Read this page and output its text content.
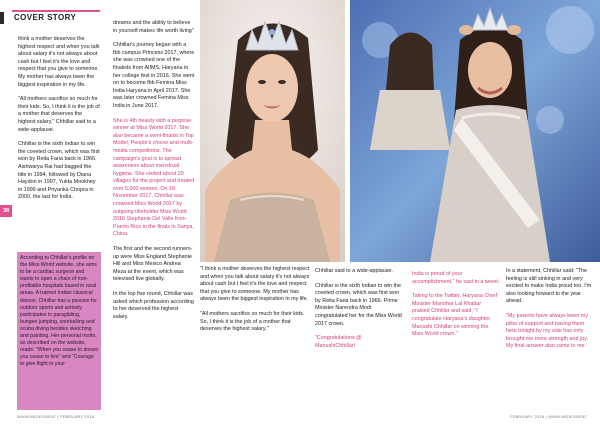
COVER STORY
38

think a mother deserves the highest respect and when you talk about salary it's not always about cash but I feel it's the love and respect that you give to someone. My mother has always been the biggest inspiration in my life.

"All mothers sacrifice so much for their kids. So, I think it is the job of a mother that deserves the highest salary," Chhillar said to a wide-applause.

Chhillar is the sixth Indian to win the coveted crown, which was first won by Reita Faria back in 1966. Aishwarya Rai had bagged the title in 1994, followed by Diana Haydon in 1997, Yukta Mookhey in 1999 and Priyanka Chopra in 2000, the last for India.

According to Chhillar's profile on the Miss World website, she aims to be a cardiac surgeon and wants to open a chain of non-profitable hospitals based in rural areas. A trained Indian classical dancer, Chhillar has a passion for outdoor sports and actively participates in paragliding, bungee jumping, snorkelling and scuba diving besides sketching and painting. Her personal motto, as described on the website, reads: "When you cease to dream you cease to live" and "Courage to give flight to your

dreams and the ability to believe in yourself makes life worth living"

Chhillar's journey began with a fbb campus Princess 2017, where she was crowned one of the finalists from AIIMS, Haryana in her college fest in 2016. She went on to become fbb Femina Miss India Haryana in April 2017. She was later crowned Femina Miss India in June 2017.

She is 4th beauty with a purpose winner at Miss World 2017. She also became a semi-finalist in Top Model, People's choice and multi-media competitions. The campaign's goal is to spread awareness about menstrual hygiene. She visited about 20 villages for the project and treated over 5,000 women. On 18 November 2017, Chhillar was crowned Miss World 2017 by outgoing titleholder Miss World 2016 Stephanie Del Valle from Puerto Rico in the finals in Sanya, China.

The first and the second runners-up were Miss England Stephanie Hill and Miss Mexico Andrea Meza at the event, which was televised live globally.

In the top five round, Chhillar was asked which profession according to her deserved the highest salary.

"I think a mother deserves the highest respect and when you talk about salary it's not always about cash but I feel it's the love and respect that you give to someone. My mother has always been the biggest inspiration in my life.

"All mothers sacrifice so much for their kids. So, I think it is the job of a mother that deserves the highest salary,"

Chhillar said to a wide-applause.

Chhillar is the sixth Indian to win the coveted crown, which was first won by Reita Faria back in 1966. Prime Minister Narendra Modi congratulated her for the Miss World 2017 crown.

"Congratulations @ ManushiChhillar!

India is proud of your accomplishment," he said in a tweet.

Taking to the Twitter, Haryana Chief Minister Manohar Lal Khattar praised Chhillar and said, "I congratulate Haryana's daughter Manushi Chhillar on winning the Miss World crown."

In a statement, Chhillar said: "The feeling is still sinking in and very excited to make India proud too. I'm also looking forward to the year ahead.

"My parents have always been my pillar of support and having them here tonight by my side has only brought me more strength and joy. My final answer also came to me

WWW.INDIEGREAT | FEBRUARY 2018	FEBRUARY 2018 | WWW.INDIEGREAT
